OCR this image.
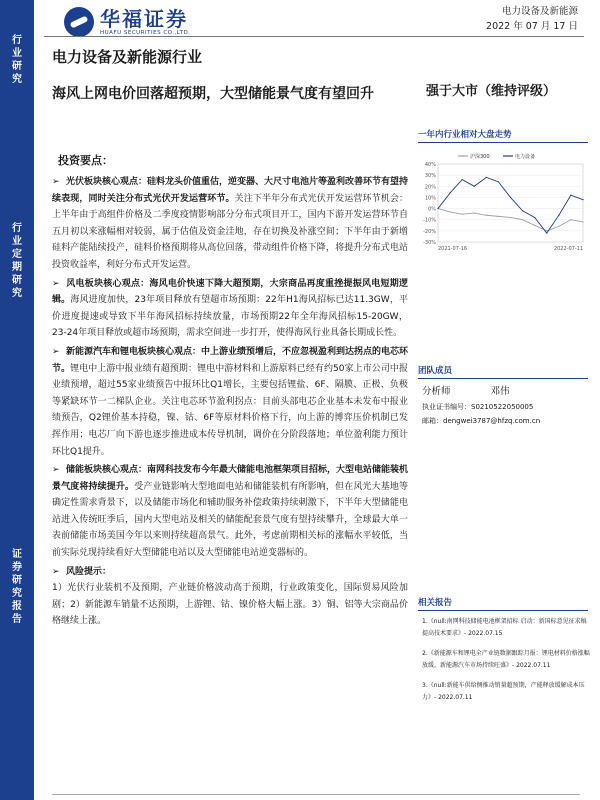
行业研究
行业定期研究
证券研究报告
华福证券
HUAFU SECURITIES CO.,LTD.
电力设备及新能源
2022 年 07 月 17 日
电力设备及新能源行业
海风上网电价回落超预期，大型储能景气度有望回升	强于大市（维持评级）
投资要点：

➢ 光伏板块核心观点：硅料龙头价值重估，逆变器、大尺寸电池片等盈利改善环节有望持续表现，同时关注分布式光伏开发运营环节。关注下半年分布式光伏开发运营环节机会：上半年由于高组件价格及二季度疫情影响部分分布式项目开工，国内下游开发运营环节自五月初以来涨幅相对较弱，属于估值及资金洼地，存在切换及补涨空间；下半年由于新增硅料产能陆续投产，硅料价格预期将从高位回落，带动组件价格下降，将提升分布式电站投资收益率，利好分布式开发运营。

➢ 风电板块核心观点：海风电价快速下降大超预期，大宗商品再度重挫提振风电短期逻辑。海风进度加快，23年项目释放有望超市场预期：22年H1海风招标已达11.3GW，平价进度提速或导致下半年海风招标持续放量，市场预期22年全年海风招标15-20GW，23-24年项目释放或超市场预期，需求空间进一步打开，使得海风行业具备长期成长性。

➢ 新能源汽车和锂电板块核心观点：中上游业绩预增后，不应忽视盈利到达拐点的电芯环节。锂电中上游中报业绩有超预期：锂电中游材料和上游原料已经有约50家上市公司中报业绩预增，超过55家业绩预告中报环比Q1增长，主要包括锂盐、6F、隔膜、正极、负极等紧缺环节一二梯队企业。关注电芯环节盈利拐点：目前头部电芯企业基本未发布中报业绩预告，Q2锂价基本持稳，镍、钴、6F等原材料价格下行，向上游的博弈压价机制已发挥作用；电芯厂向下游也逐步推进成本传导机制，调价在分阶段落地；单位盈利能力预计环比Q1提升。

➢ 储能板块核心观点：南网科技发布今年最大储能电池框架项目招标，大型电站储能装机景气度将持续提升。受产业链影响大型地面电站和储能装机有所影响，但在风光大基地等确定性需求背景下，以及储能市场化和辅助服务补偿政策持续刺激下，下半年大型储能电站进入传统旺季后，国内大型电站及相关的储能配套景气度有望持续攀升，全球最大单一表前储能市场美国今年以来则持续超高景气。此外，考虑前期相关标的涨幅水平较低，当前实际兑现持续看好大型储能电站以及大型储能电站逆变器标的。

➢ 风险提示：
1）光伏行业装机不及预期，产业链价格波动高于预期，行业政策变化，国际贸易风险加剧；2）新能源车销量不达预期，上游锂、钴、镍价格大幅上涨。3）铜、铝等大宗商品价格继续上涨。

一年内行业相对大盘走势
-30%
-20%
-10%
0%
10%
20%
30%
40%
沪深300	电力设备
2021-07-16	2022-07-11
团队成员
分析师	邓伟
执业证书编号：S0210522050005
邮箱：dengwei3787@hfzq.com.cn
相关报告
1.《null:南网科技储能电池框架招标 启动：新国标意见征求稿提高技术要求》- 2022.07.15
2.《新能源车和锂电全产业链数据跟踪月报：锂电材料价格涨幅放缓，新能源汽车市场持续旺盛》- 2022.07.11
3.《null:新能车供给侧推动销量超预期，产能释放缓解成本压力》- 2022.07.11
